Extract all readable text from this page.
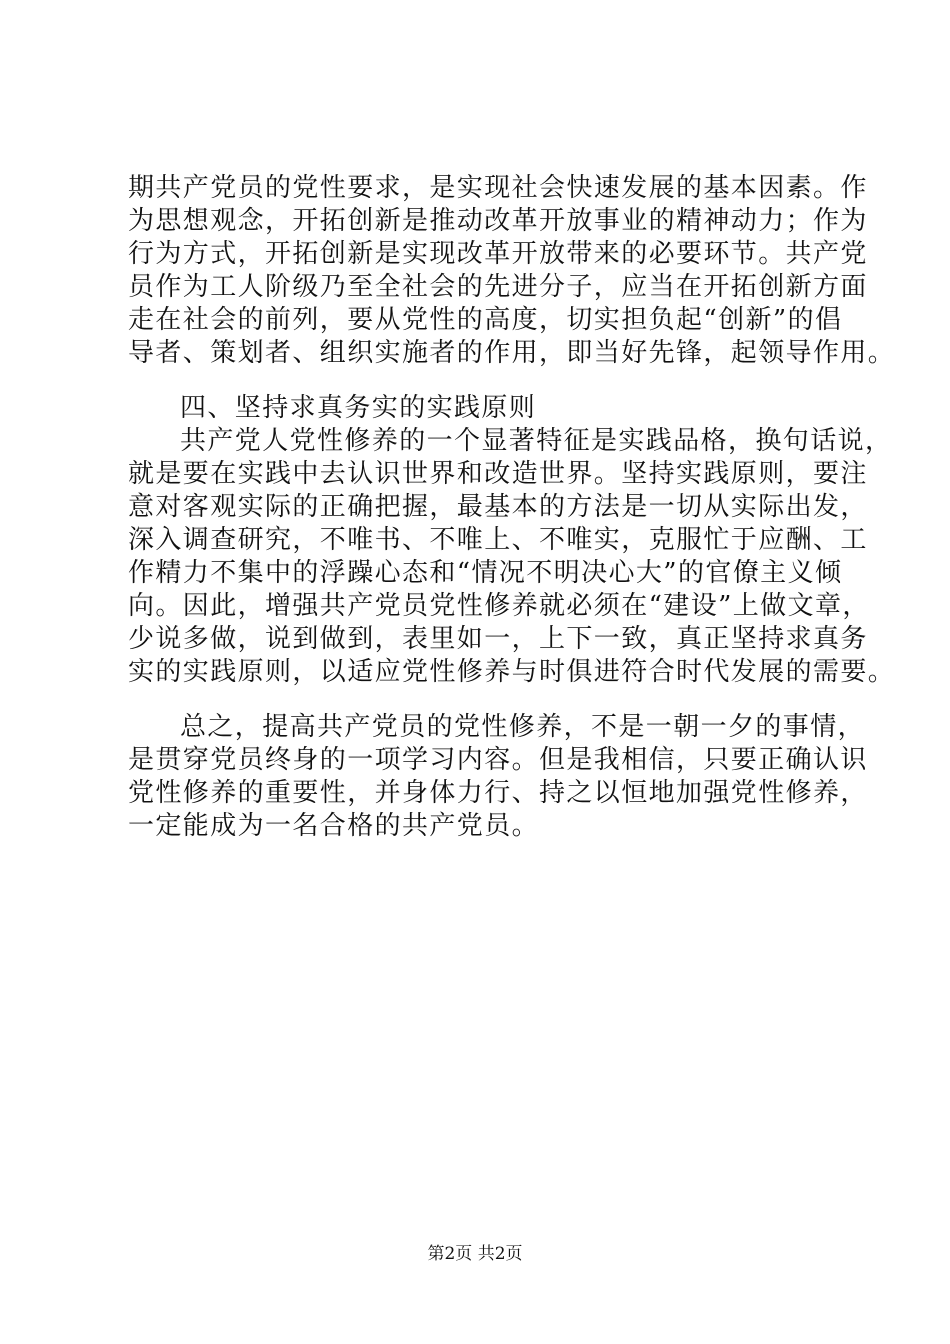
期共产党员的党性要求，是实现社会快速发展的基本因素。作
为思想观念，开拓创新是推动改革开放事业的精神动力；作为
行为方式，开拓创新是实现改革开放带来的必要环节。共产党
员作为工人阶级乃至全社会的先进分子，应当在开拓创新方面
走在社会的前列，要从党性的高度，切实担负起“创新”的倡
导者、策划者、组织实施者的作用，即当好先锋，起领导作用。
四、坚持求真务实的实践原则
共产党人党性修养的一个显著特征是实践品格，换句话说，
就是要在实践中去认识世界和改造世界。坚持实践原则，要注
意对客观实际的正确把握，最基本的方法是一切从实际出发，
深入调查研究，不唯书、不唯上、不唯实，克服忙于应酬、工
作精力不集中的浮躁心态和“情况不明决心大”的官僚主义倾
向。因此，增强共产党员党性修养就必须在“建设”上做文章，
少说多做，说到做到，表里如一，上下一致，真正坚持求真务
实的实践原则，以适应党性修养与时俱进符合时代发展的需要。
总之，提高共产党员的党性修养，不是一朝一夕的事情，
是贯穿党员终身的一项学习内容。但是我相信，只要正确认识
党性修养的重要性，并身体力行、持之以恒地加强党性修养，
一定能成为一名合格的共产党员。
第2页 共2页
